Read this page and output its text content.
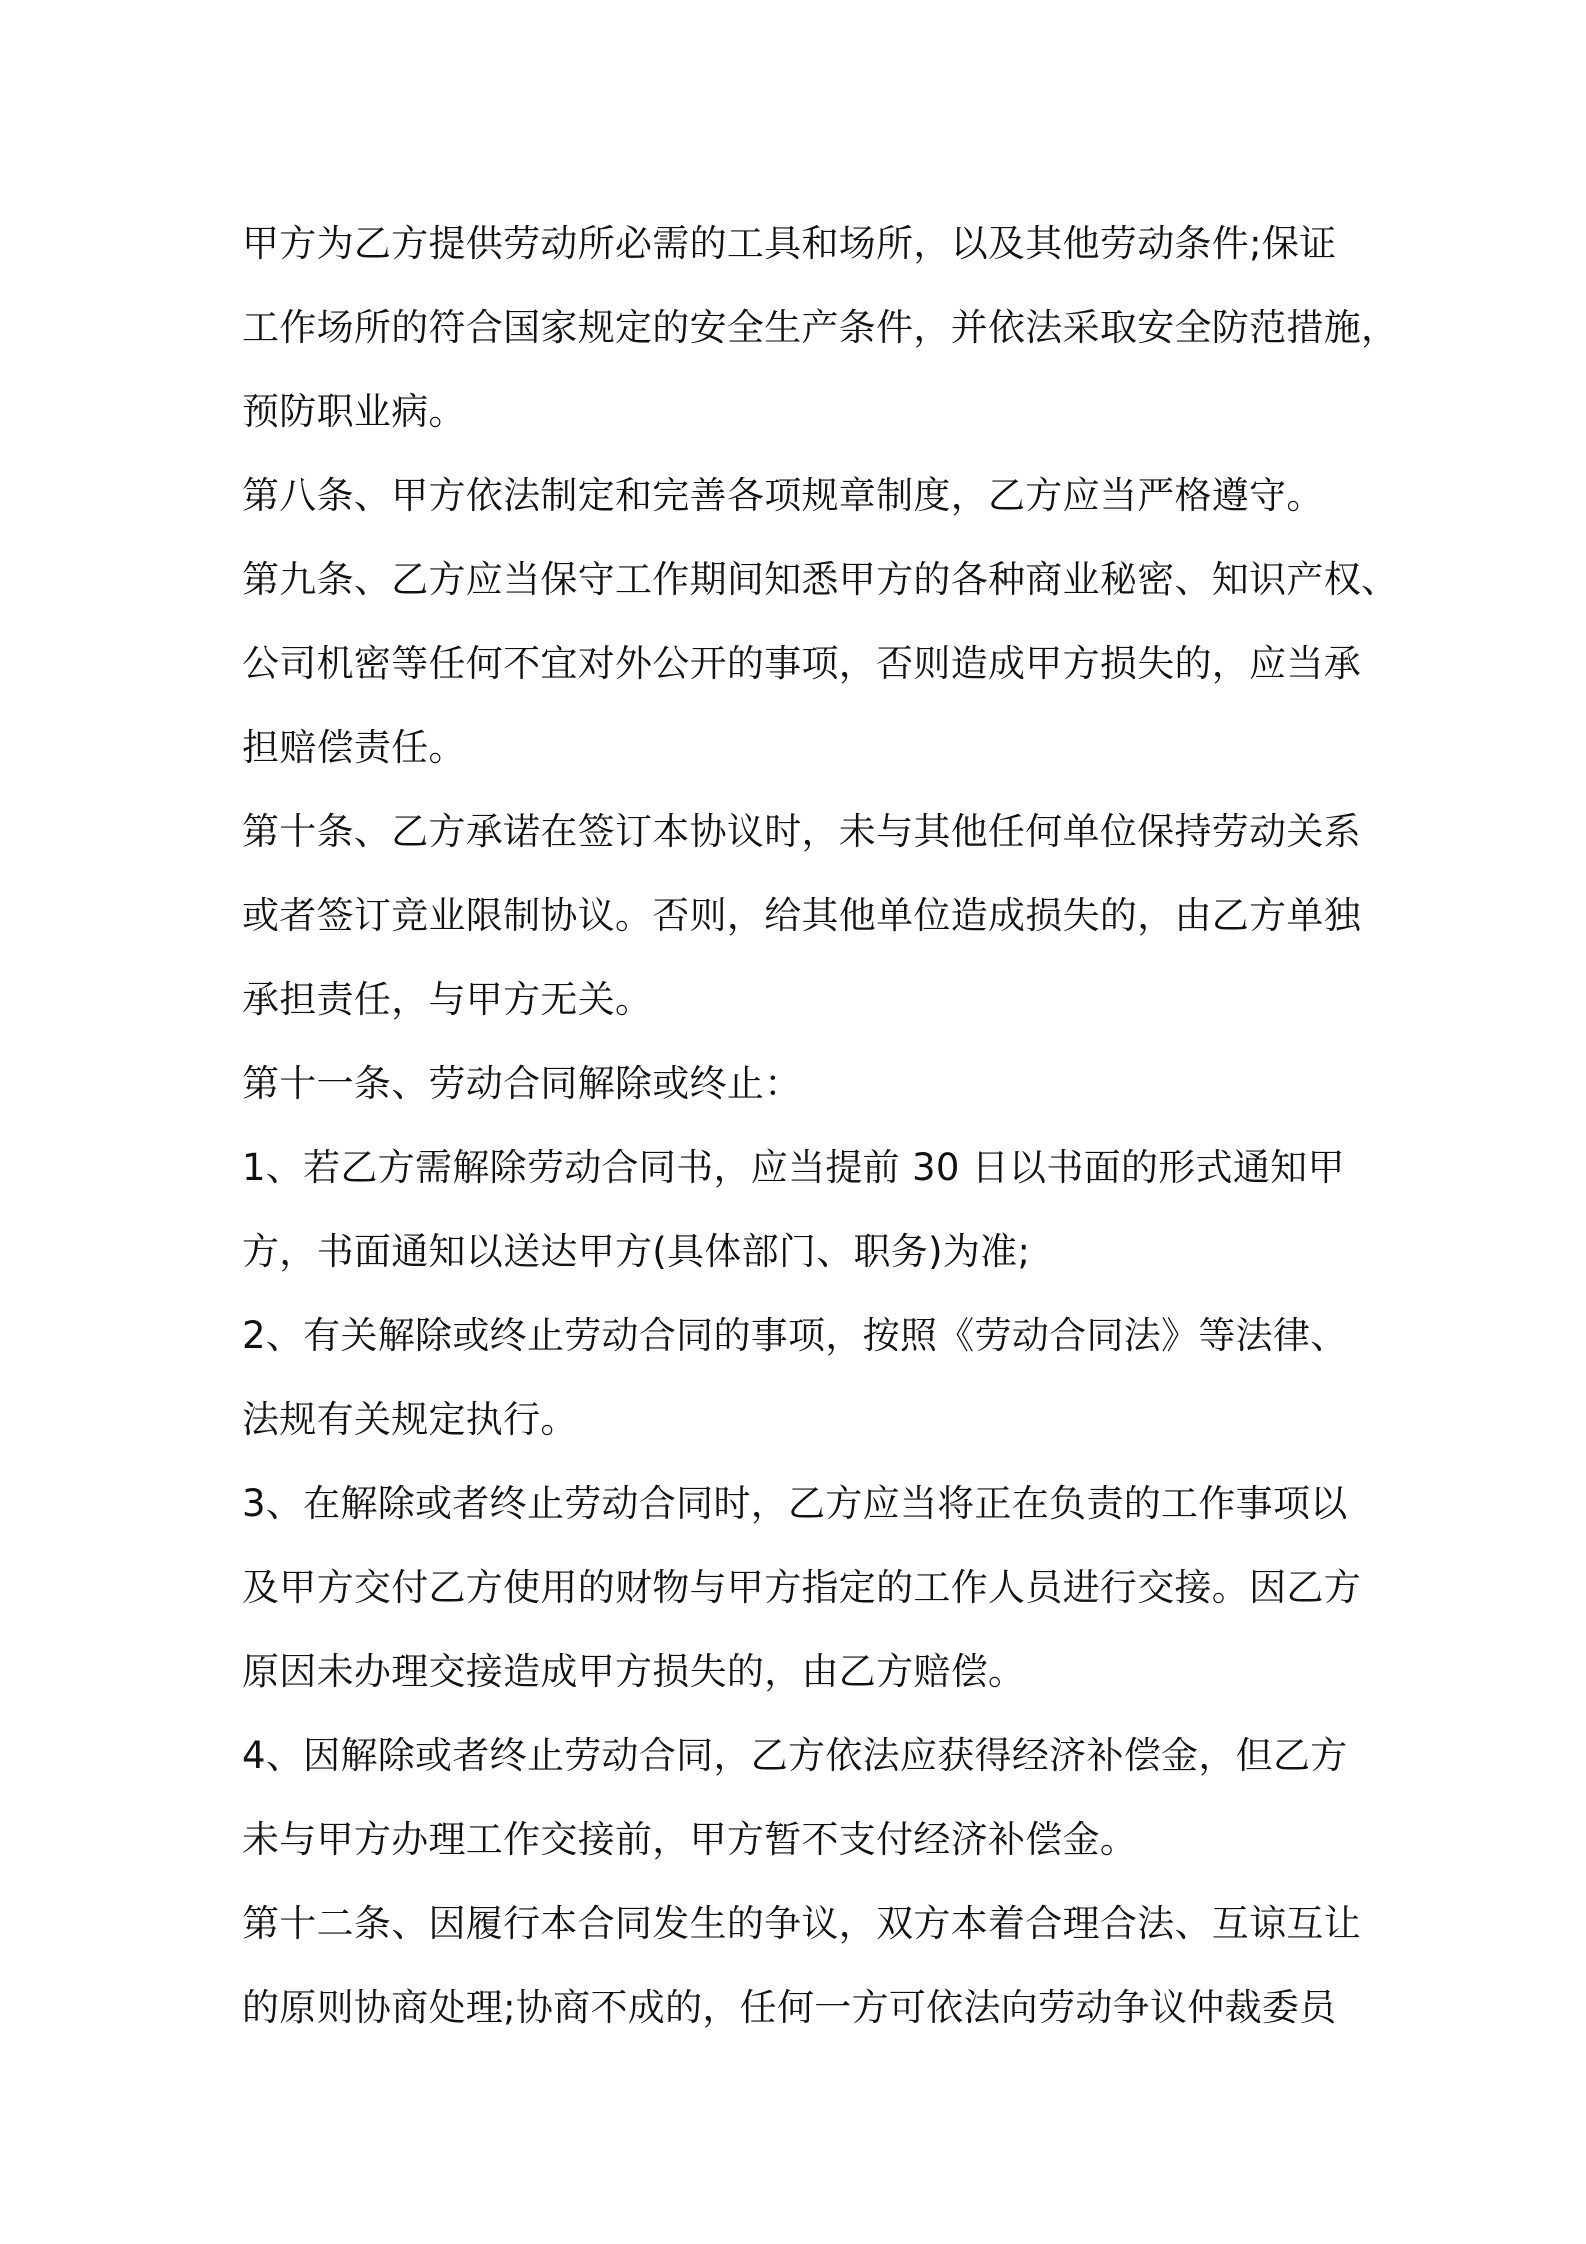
甲方为乙方提供劳动所必需的工具和场所，以及其他劳动条件;保证
工作场所的符合国家规定的安全生产条件，并依法采取安全防范措施，
预防职业病。
第八条、甲方依法制定和完善各项规章制度，乙方应当严格遵守。
第九条、乙方应当保守工作期间知悉甲方的各种商业秘密、知识产权、
公司机密等任何不宜对外公开的事项，否则造成甲方损失的，应当承
担赔偿责任。
第十条、乙方承诺在签订本协议时，未与其他任何单位保持劳动关系
或者签订竞业限制协议。否则，给其他单位造成损失的，由乙方单独
承担责任，与甲方无关。
第十一条、劳动合同解除或终止：
1、若乙方需解除劳动合同书，应当提前 30 日以书面的形式通知甲
方，书面通知以送达甲方(具体部门、职务)为准;
2、有关解除或终止劳动合同的事项，按照《劳动合同法》等法律、
法规有关规定执行。
3、在解除或者终止劳动合同时，乙方应当将正在负责的工作事项以
及甲方交付乙方使用的财物与甲方指定的工作人员进行交接。因乙方
原因未办理交接造成甲方损失的，由乙方赔偿。
4、因解除或者终止劳动合同，乙方依法应获得经济补偿金，但乙方
未与甲方办理工作交接前，甲方暂不支付经济补偿金。
第十二条、因履行本合同发生的争议，双方本着合理合法、互谅互让
的原则协商处理;协商不成的，任何一方可依法向劳动争议仲裁委员
